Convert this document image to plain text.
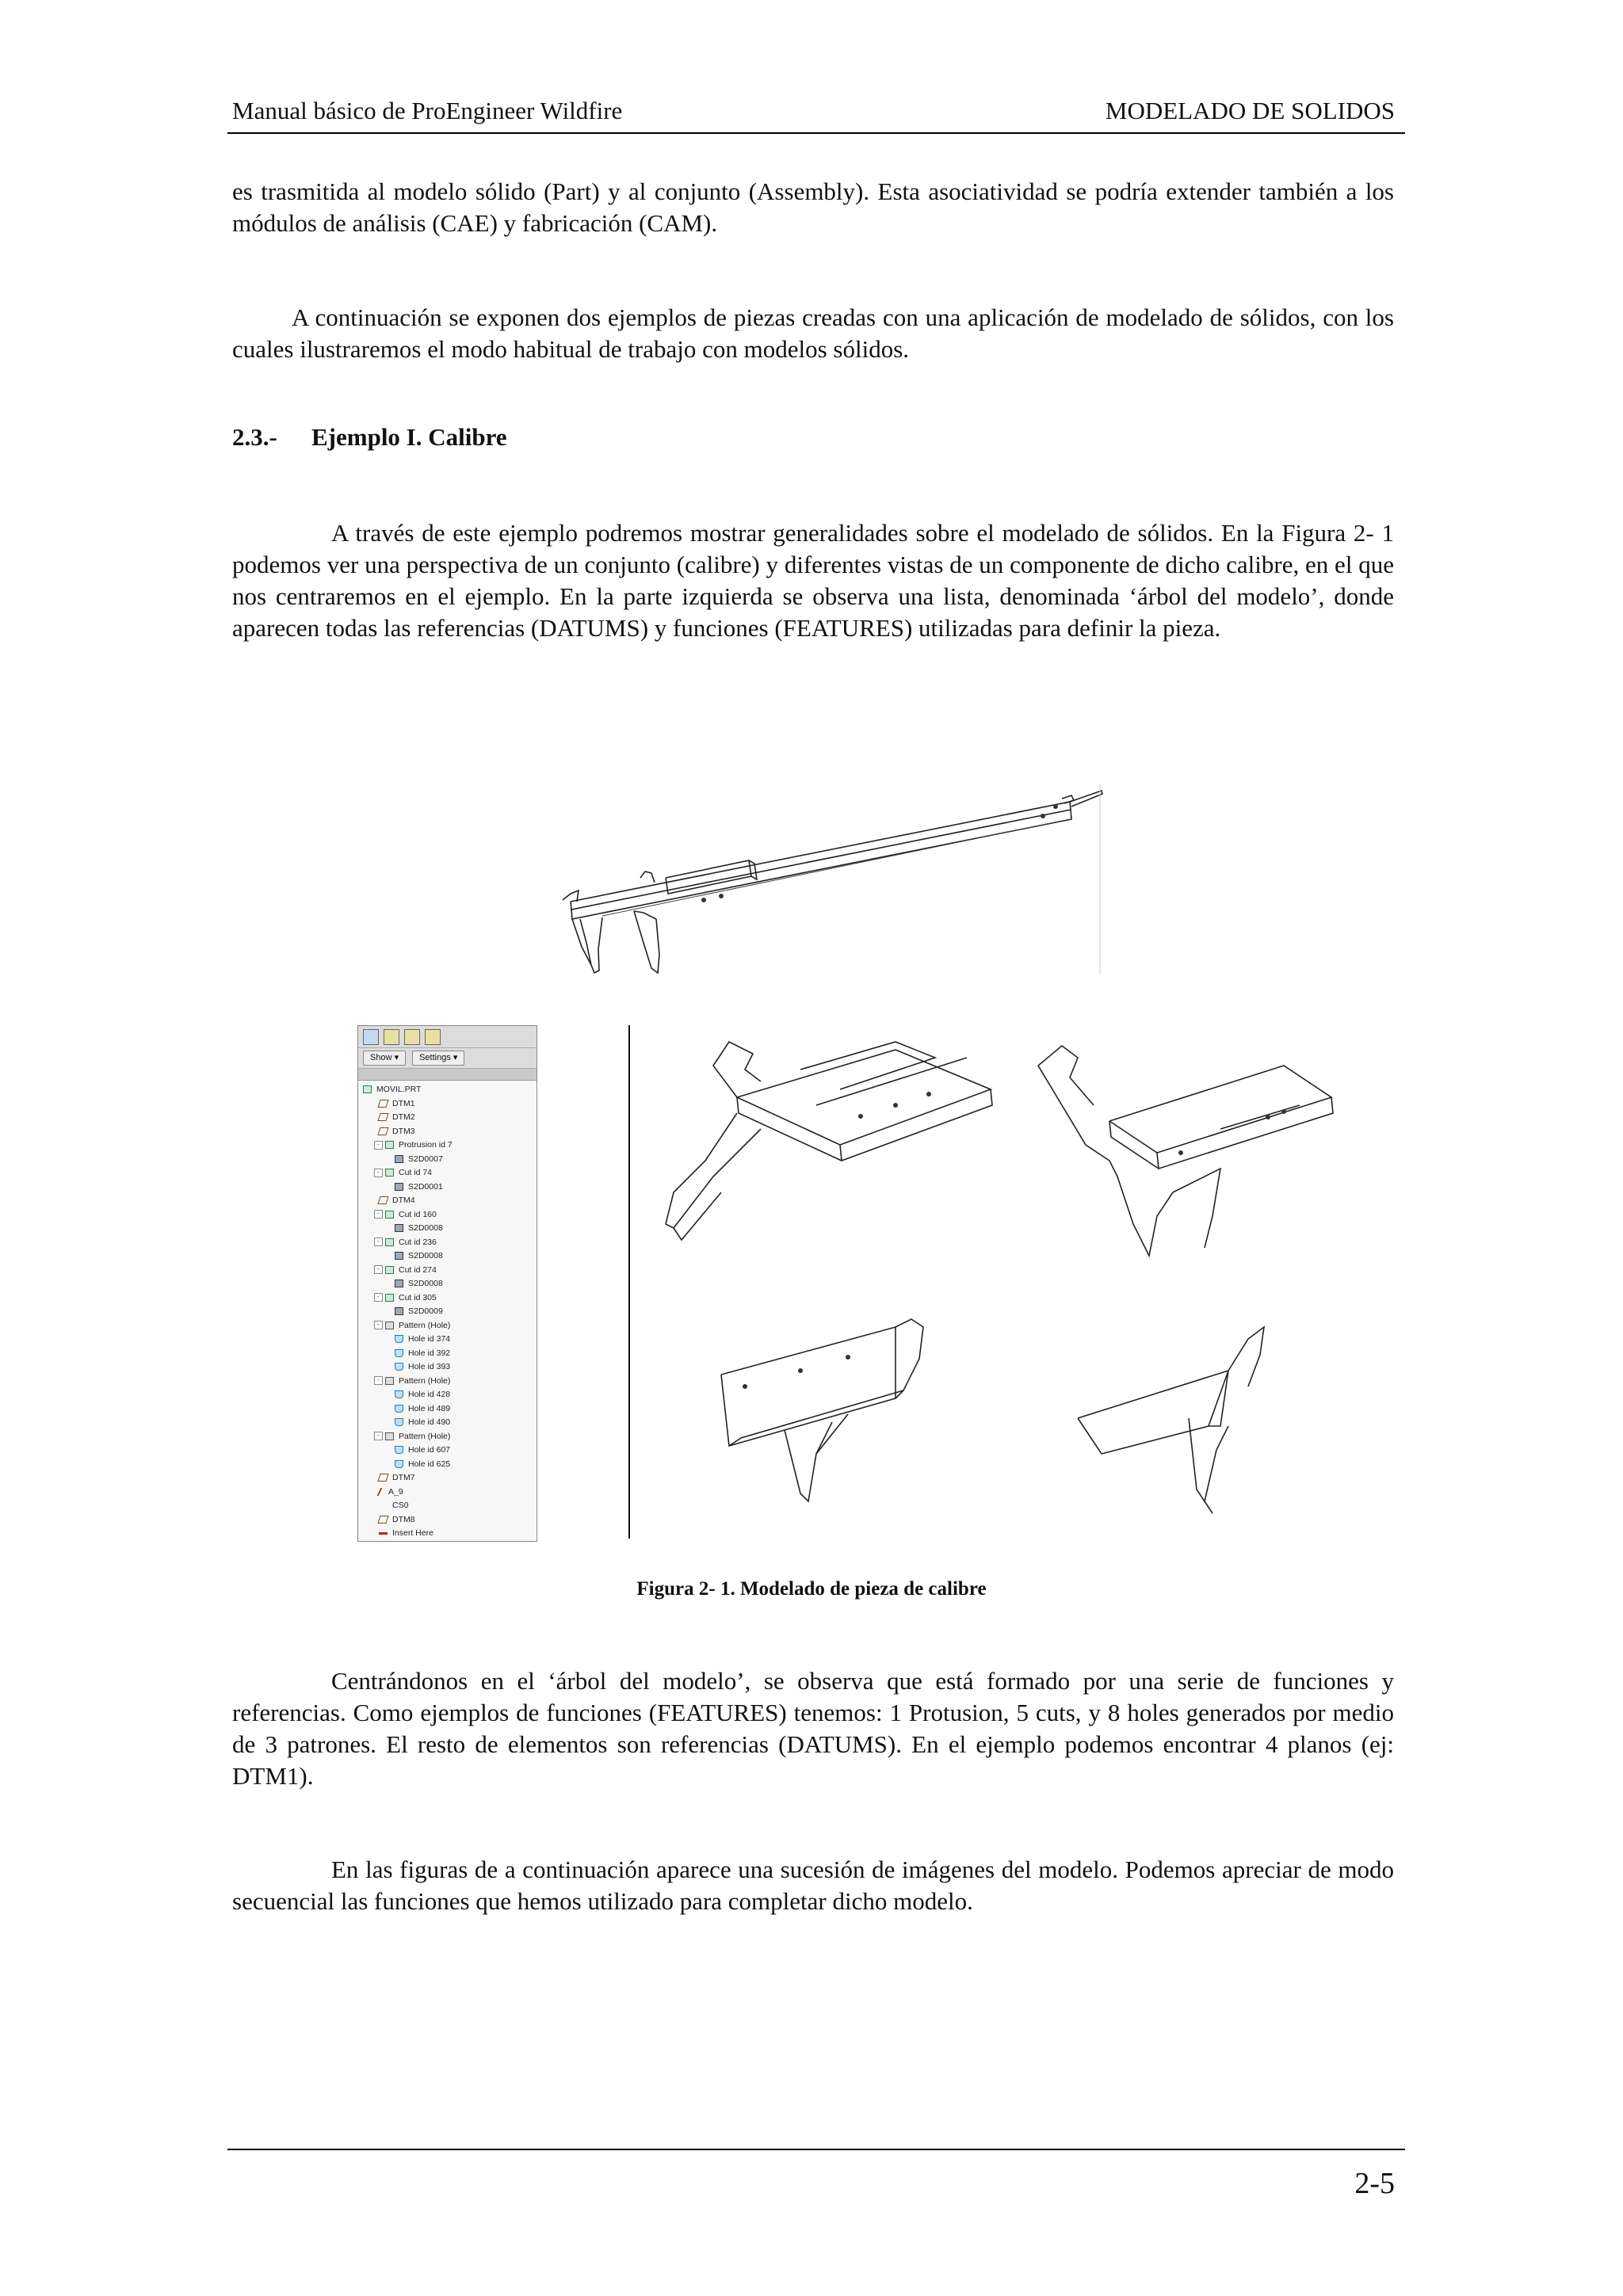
Manual básico de ProEngineer Wildfire	MODELADO DE SOLIDOS

es trasmitida al modelo sólido (Part) y al conjunto (Assembly). Esta asociatividad se podría extender también a los módulos de análisis (CAE) y fabricación (CAM).

A continuación se exponen dos ejemplos de piezas creadas con una aplicación de modelado de sólidos, con los cuales ilustraremos el modo habitual de trabajo con modelos sólidos.

2.3.- Ejemplo I. Calibre

A través de este ejemplo podremos mostrar generalidades sobre el modelado de sólidos. En la Figura 2- 1 podemos ver una perspectiva de un conjunto (calibre) y diferentes vistas de un componente de dicho calibre, en el que nos centraremos en el ejemplo. En la parte izquierda se observa una lista, denominada ‘árbol del modelo’, donde aparecen todas las referencias (DATUMS) y funciones (FEATURES) utilizadas para definir la pieza.

Show ▾	Settings ▾
MOVIL.PRT
DTM1
DTM2
DTM3
- Protrusion id 7
S2D0007
- Cut id 74
S2D0001
DTM4
- Cut id 160
S2D0008
- Cut id 236
S2D0008
- Cut id 274
S2D0008
- Cut id 305
S2D0009
- Pattern (Hole)
Hole id 374
Hole id 392
Hole id 393
- Pattern (Hole)
Hole id 428
Hole id 489
Hole id 490
- Pattern (Hole)
Hole id 607
Hole id 625
DTM7
A_9
CS0
DTM8
Insert Here
Figura 2- 1. Modelado de pieza de calibre

Centrándonos en el ‘árbol del modelo’, se observa que está formado por una serie de funciones y referencias. Como ejemplos de funciones (FEATURES) tenemos: 1 Protusion, 5 cuts, y 8 holes generados por medio de 3 patrones. El resto de elementos son referencias (DATUMS). En el ejemplo podemos encontrar 4 planos (ej: DTM1).

En las figuras de a continuación aparece una sucesión de imágenes del modelo. Podemos apreciar de modo secuencial las funciones que hemos utilizado para completar dicho modelo.

2-5
